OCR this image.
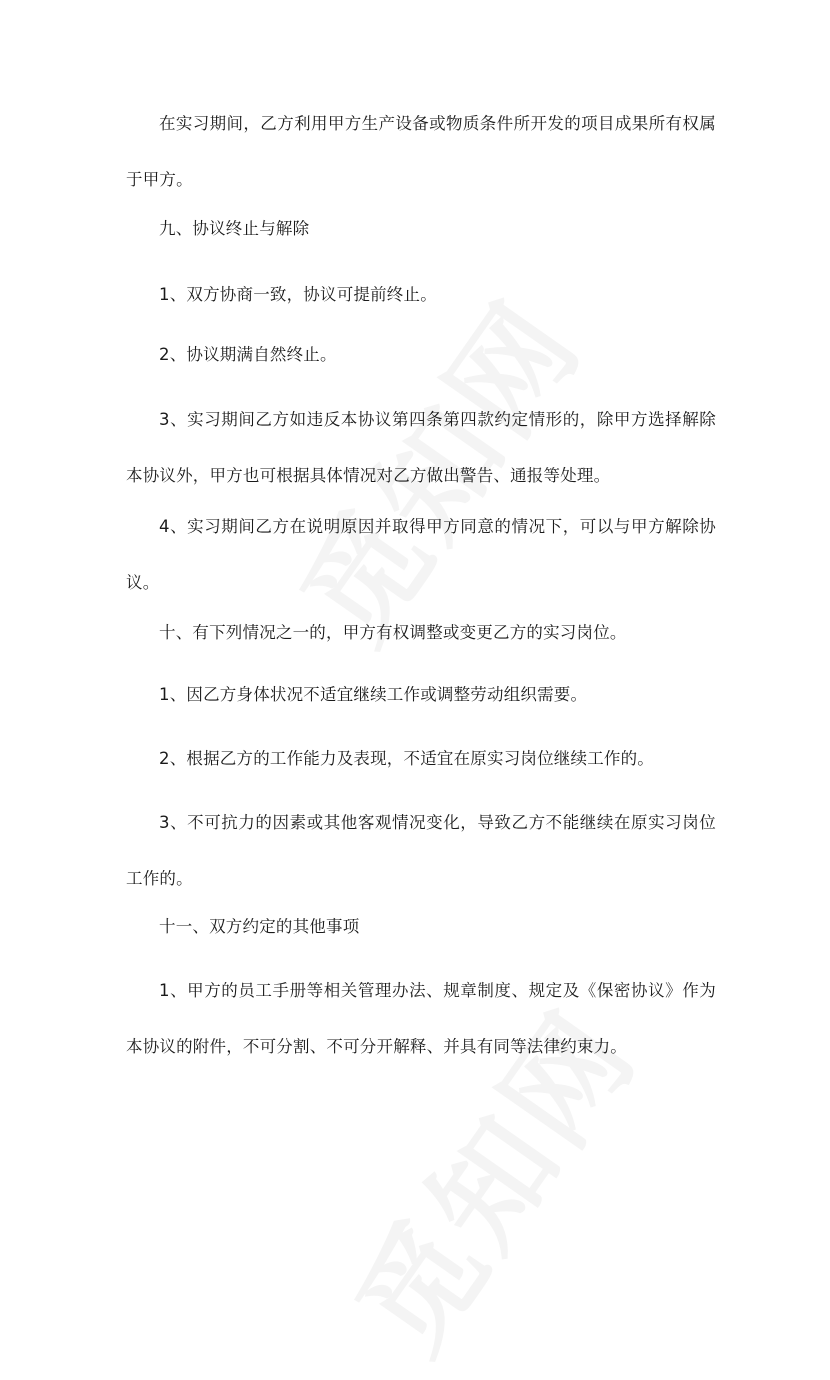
在实习期间，乙方利用甲方生产设备或物质条件所开发的项目成果所有权属于甲方。

九、协议终止与解除

1、双方协商一致，协议可提前终止。

2、协议期满自然终止。

3、实习期间乙方如违反本协议第四条第四款约定情形的，除甲方选择解除本协议外，甲方也可根据具体情况对乙方做出警告、通报等处理。

4、实习期间乙方在说明原因并取得甲方同意的情况下，可以与甲方解除协议。

十、有下列情况之一的，甲方有权调整或变更乙方的实习岗位。

1、因乙方身体状况不适宜继续工作或调整劳动组织需要。

2、根据乙方的工作能力及表现，不适宜在原实习岗位继续工作的。

3、不可抗力的因素或其他客观情况变化，导致乙方不能继续在原实习岗位工作的。

十一、双方约定的其他事项

1、甲方的员工手册等相关管理办法、规章制度、规定及《保密协议》作为本协议的附件，不可分割、不可分开解释、并具有同等法律约束力。
